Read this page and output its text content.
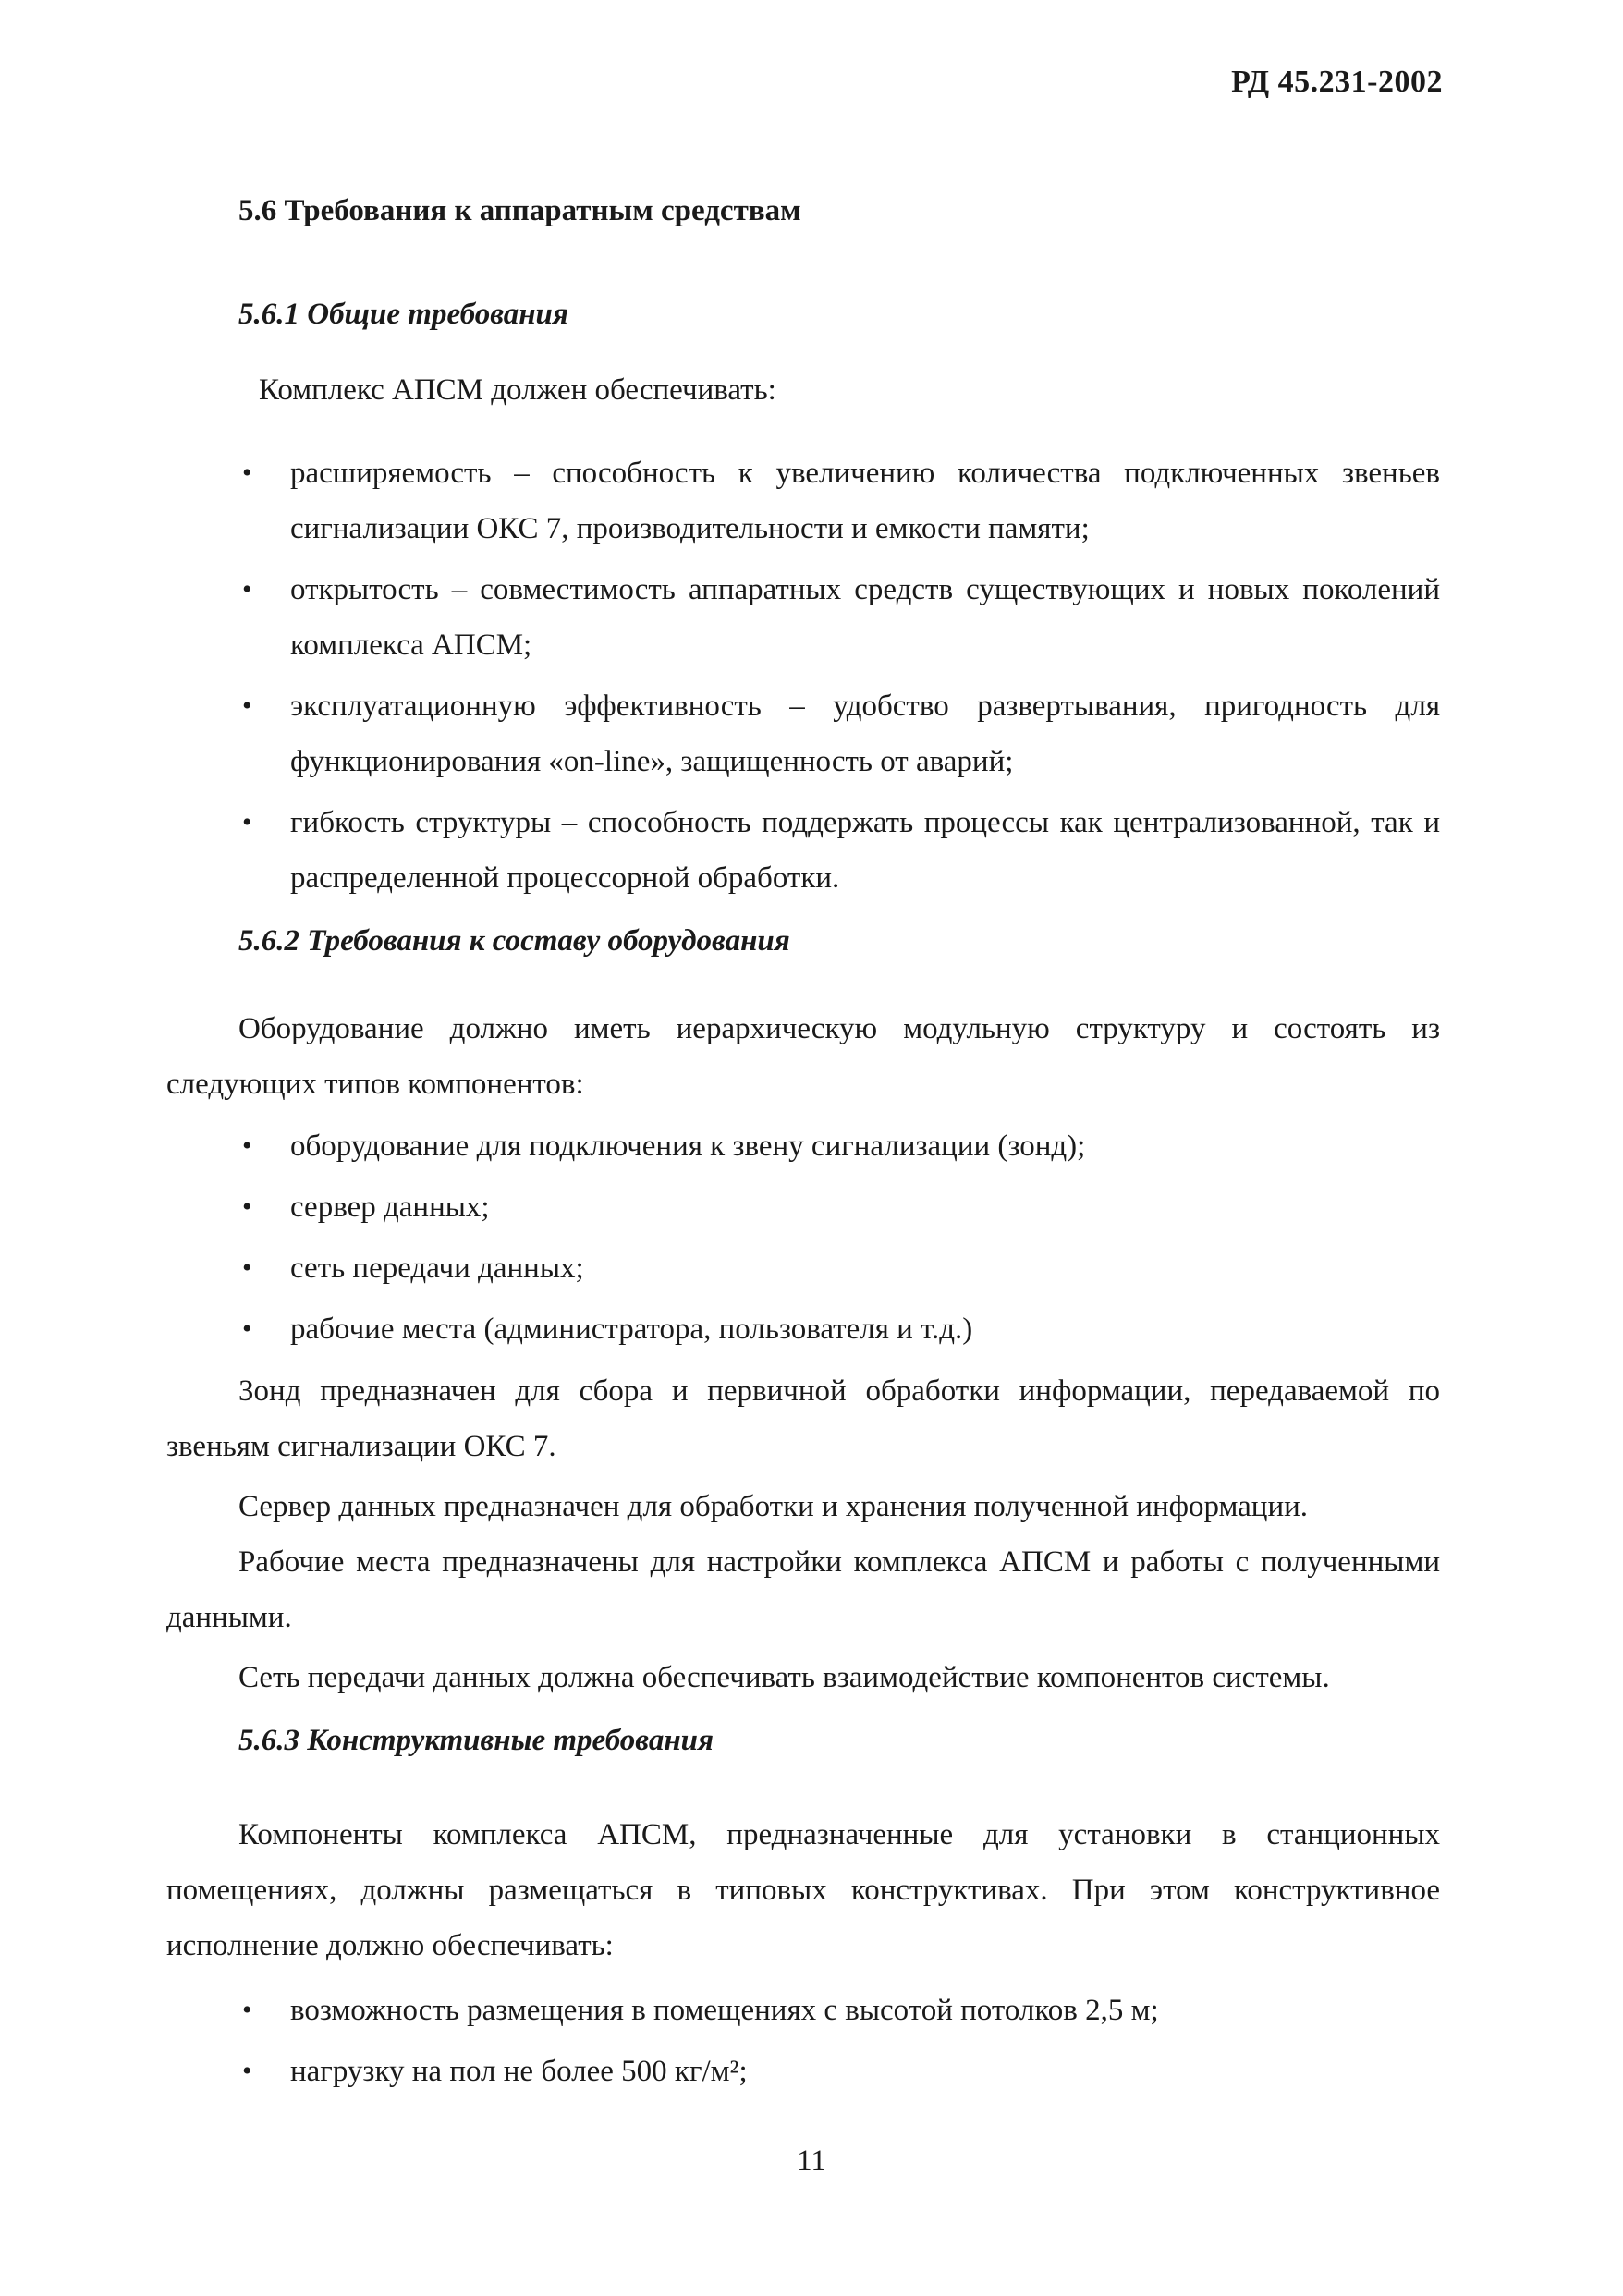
РД 45.231-2002
5.6 Требования к аппаратным средствам
5.6.1 Общие требования

Комплекс АПСМ должен обеспечивать:

• расширяемость – способность к увеличению количества подключенных звеньев сигнализации ОКС 7, производительности и емкости памяти;
• открытость – совместимость аппаратных средств существующих и новых поколений комплекса АПСМ;
• эксплуатационную эффективность – удобство развертывания, пригодность для функционирования «on-line», защищенность от аварий;
• гибкость структуры – способность поддержать процессы как централизованной, так и распределенной процессорной обработки.
5.6.2 Требования к составу оборудования

Оборудование должно иметь иерархическую модульную структуру и состоять из следующих типов компонентов:

• оборудование для подключения к звену сигнализации (зонд);
• сервер данных;
• сеть передачи данных;
• рабочие места (администратора, пользователя и т.д.)

Зонд предназначен для сбора и первичной обработки информации, передаваемой по звеньям сигнализации ОКС 7.

Сервер данных предназначен для обработки и хранения полученной информации.

Рабочие места предназначены для настройки комплекса АПСМ и работы с полученными данными.

Сеть передачи данных должна обеспечивать взаимодействие компонентов системы.

5.6.3 Конструктивные требования

Компоненты комплекса АПСМ, предназначенные для установки в станционных помещениях, должны размещаться в типовых конструктивах. При этом конструктивное исполнение должно обеспечивать:

• возможность размещения в помещениях с высотой потолков 2,5 м;
• нагрузку на пол не более 500 кг/м²;
11
